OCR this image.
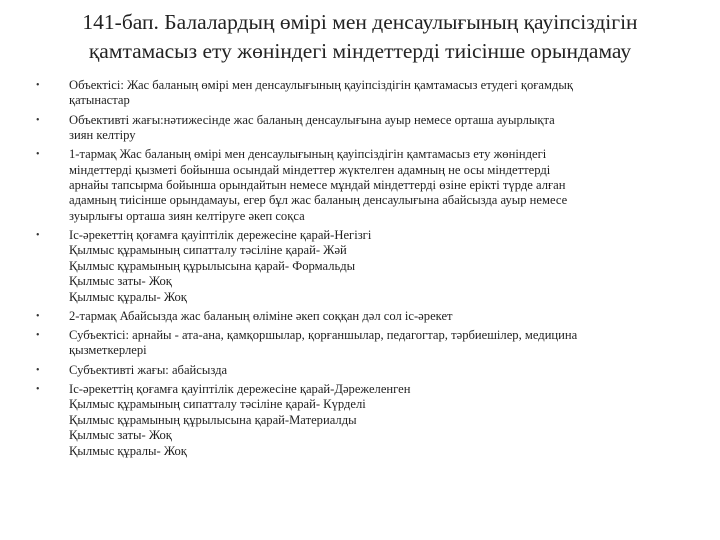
141-бап. Балалардың өмірі мен денсаулығының қауіпсіздігін
қамтамасыз ету жөніндегі міндеттерді тиісінше орындамау
•	Объектісі: Жас баланың өмірі мен денсаулығының қауіпсіздігін қамтамасыз етудегі қоғамдық
қатынастар
•	Объективті жағы:нәтижесінде жас баланың денсаулығына ауыр немесе орташа ауырлықта
зиян келтіру
•	1-тармақ Жас баланың өмірі мен денсаулығының қауіпсіздігін қамтамасыз ету жөніндегі
міндеттерді қызметі бойынша осындай міндеттер жүктелген адамның не осы міндеттерді
арнайы тапсырма бойынша орындайтын немесе мұндай міндеттерді өзіне ерікті түрде алған
адамның тиісінше орындамауы, егер бұл жас баланың денсаулығына абайсызда ауыр немесе
зуырлығы орташа зиян келтіруге әкеп соқса
•	Іс-әрекеттің қоғамға қауіптілік дережесіне қарай-Негізгі
Қылмыс құрамының сипатталу тәсіліне қарай- Жәй
Қылмыс құрамының құрылысына қарай- Формальды
Қылмыс заты- Жоқ
Қылмыс құралы- Жоқ
•	2-тармақ Абайсызда жас баланың өліміне әкеп соққан дәл сол іс-әрекет
•	Субъектісі: арнайы - ата-ана, қамқоршылар, қорғаншылар, педагогтар, тәрбиешілер, медицина
қызметкерлері
•	Субъективті жағы: абайсызда
•	Іс-әрекеттің қоғамға қауіптілік дережесіне қарай-Дәрежеленген
Қылмыс құрамының сипатталу тәсіліне қарай- Күрделі
Қылмыс құрамының құрылысына қарай-Материалды
Қылмыс заты- Жоқ
Қылмыс құралы- Жоқ
